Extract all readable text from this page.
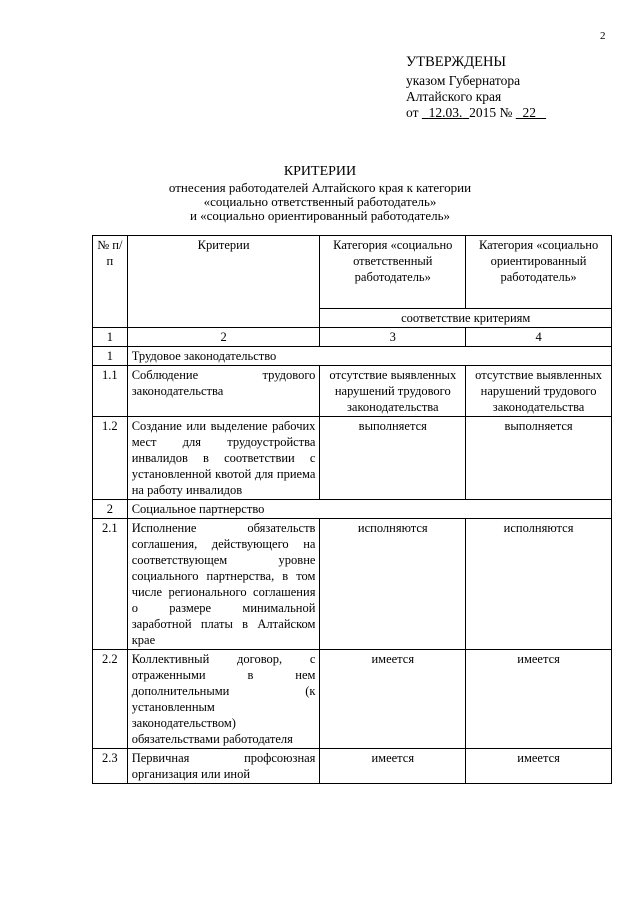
2
УТВЕРЖДЕНЫ
указом Губернатора
Алтайского края
от 12.03. 2015 № 22
КРИТЕРИИ
отнесения работодателей Алтайского края к категории
«социально ответственный работодатель»
и «социально ориентированный работодатель»
№ п/п	Критерии	Категория «социально ответственный работодатель»	Категория «социально ориентированный работодатель»
		соответствие критериям	
1	2	3	4
1	Трудовое законодательство		
1.1	Соблюдение трудового законодательства	отсутствие выявленных нарушений трудового законодательства	отсутствие выявленных нарушений трудового законодательства
1.2	Создание или выделение рабочих мест для трудоустройства инвалидов в соответствии с установленной квотой для приема на работу инвалидов	выполняется	выполняется
2	Социальное партнерство		
2.1	Исполнение обязательств соглашения, действующего на соответствующем уровне социального партнерства, в том числе регионального соглашения о размере минимальной заработной платы в Алтайском крае	исполняются	исполняются
2.2	Коллективный договор, с отраженными в нем дополнительными (к установленным законодательством) обязательствами работодателя	имеется	имеется
2.3	Первичная профсоюзная организация или иной	имеется	имеется
